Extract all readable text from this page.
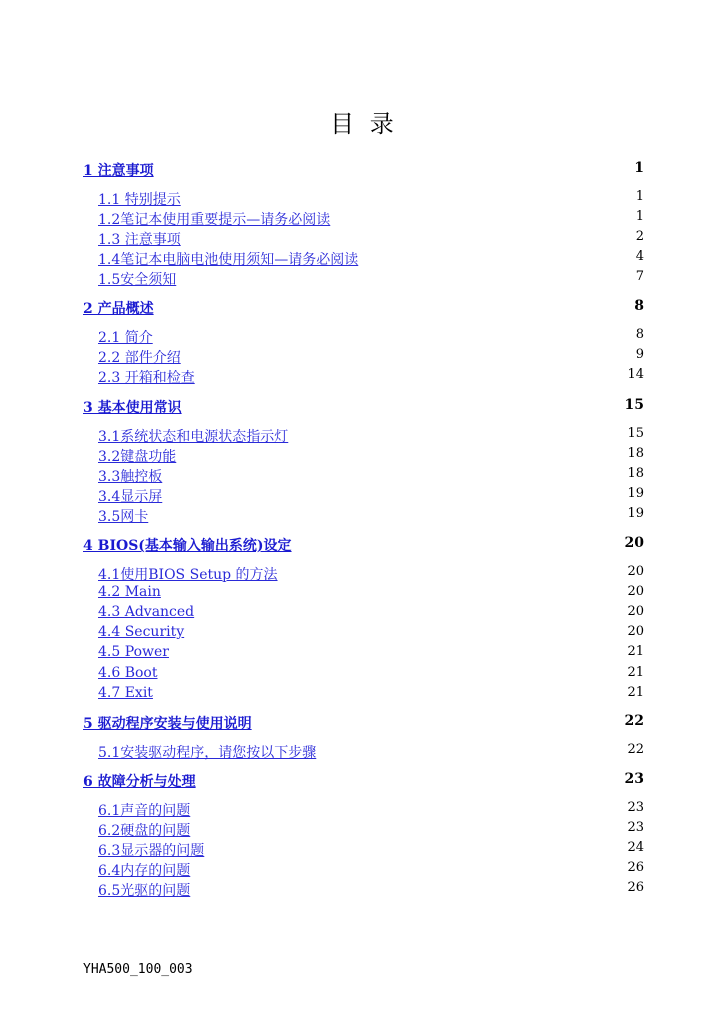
目 录
1 注意事项	1
1.1 特别提示	1
1.2笔记本使用重要提示—请务必阅读	1
1.3 注意事项	2
1.4笔记本电脑电池使用须知—请务必阅读	4
1.5安全须知	7
2 产品概述	8
2.1 简介	8
2.2 部件介绍	9
2.3 开箱和检查	14
3 基本使用常识	15
3.1系统状态和电源状态指示灯	15
3.2键盘功能	18
3.3触控板	18
3.4显示屏	19
3.5网卡	19
4 BIOS(基本输入输出系统)设定	20
4.1使用BIOS Setup 的方法	20
4.2 Main	20
4.3 Advanced	20
4.4 Security	20
4.5 Power	21
4.6 Boot	21
4.7 Exit	21
5 驱动程序安装与使用说明	22
5.1安装驱动程序，请您按以下步骤	22
6 故障分析与处理	23
6.1声音的问题	23
6.2硬盘的问题	23
6.3显示器的问题	24
6.4内存的问题	26
6.5光驱的问题	26
YHA500_100_003
